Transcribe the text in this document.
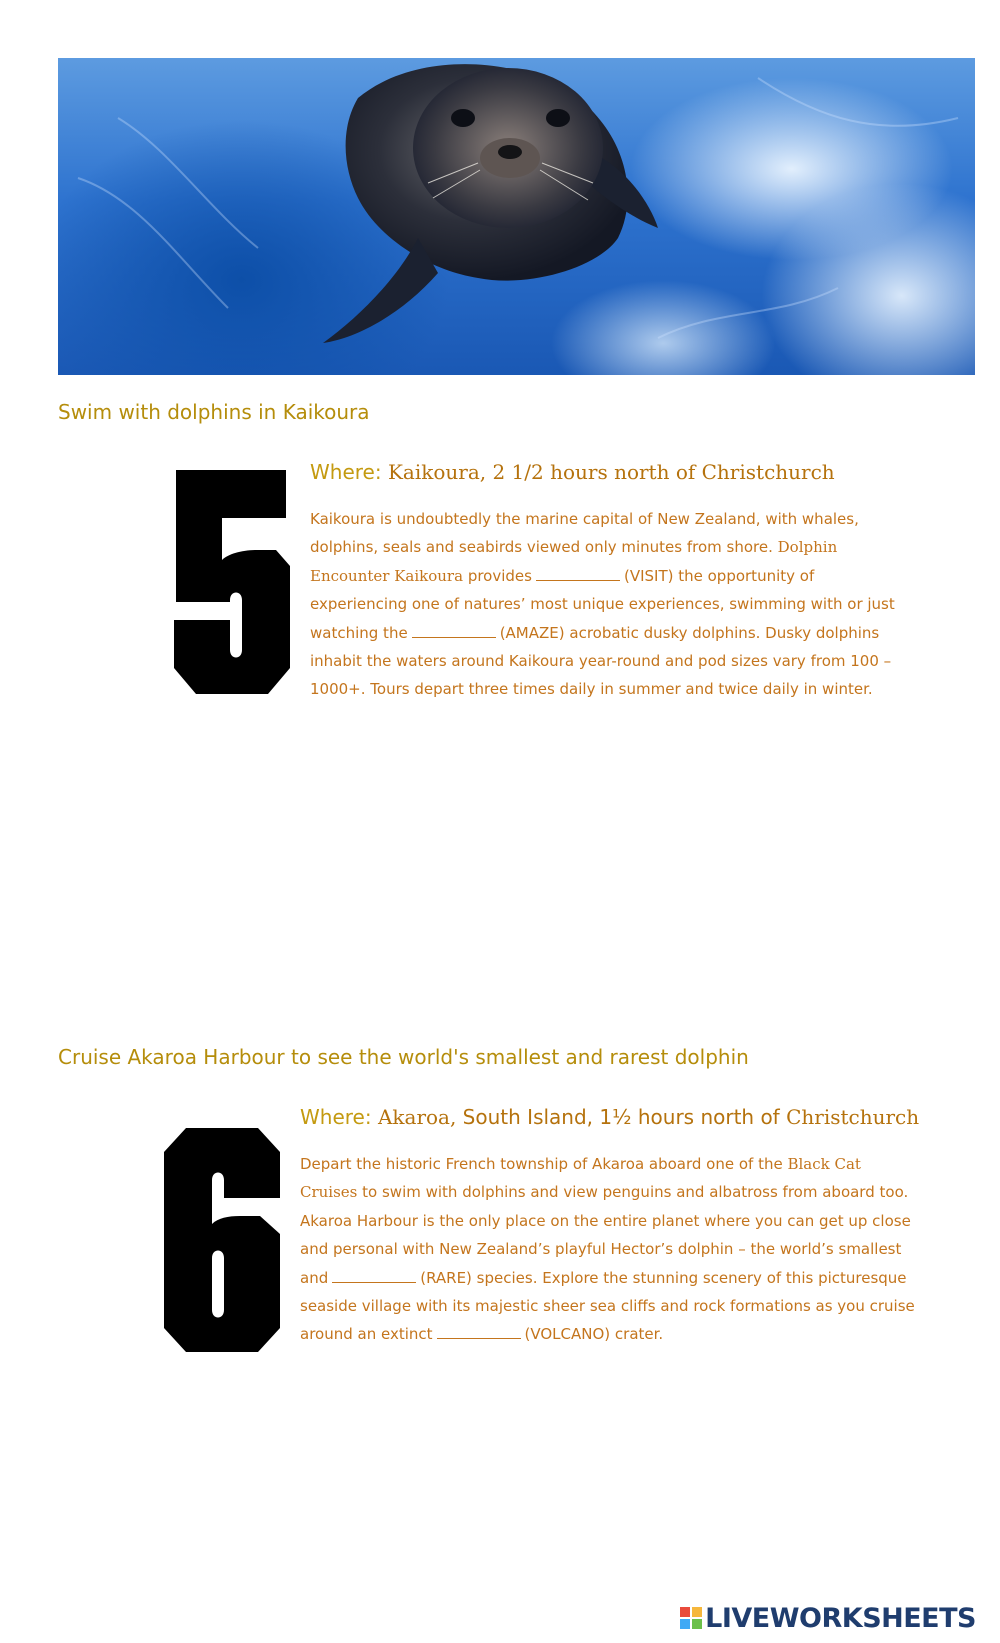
Swim with dolphins in Kaikoura

Where: Kaikoura, 2 1/2 hours north of Christchurch

Kaikoura is undoubtedly the marine capital of New Zealand, with whales, dolphins, seals and seabirds viewed only minutes from shore. Dolphin Encounter Kaikoura provides	(VISIT) the opportunity of experiencing one of natures’ most unique experiences, swimming with or just watching the	(AMAZE) acrobatic dusky dolphins. Dusky dolphins inhabit the waters around Kaikoura year-round and pod sizes vary from 100 – 1000+. Tours depart three times daily in summer and twice daily in winter.

Cruise Akaroa Harbour to see the world's smallest and rarest dolphin

Where: Akaroa, South Island, 1½ hours north of Christchurch

Depart the historic French township of Akaroa aboard one of the Black Cat Cruises to swim with dolphins and view penguins and albatross from aboard too. Akaroa Harbour is the only place on the entire planet where you can get up close and personal with New Zealand’s playful Hector’s dolphin – the world’s smallest and	(RARE) species. Explore the stunning scenery of this picturesque seaside village with its majestic sheer sea cliffs and rock formations as you cruise around an extinct	(VOLCANO) crater.

LIVEWORKSHEETS
